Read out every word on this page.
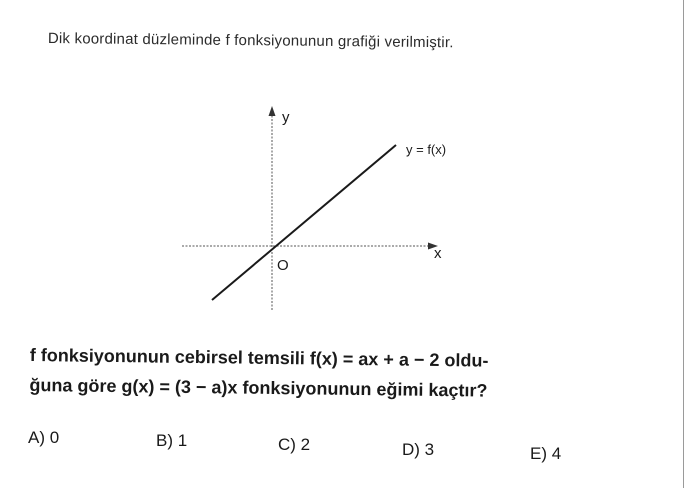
Dik koordinat düzleminde f fonksiyonunun grafiği verilmiştir.
y
x
O
y = f(x)
f fonksiyonunun cebirsel temsili f(x) = ax + a − 2 oldu-
ğuna göre g(x) = (3 − a)x fonksiyonunun eğimi kaçtır?
A) 0	B) 1	C) 2	D) 3	E) 4
